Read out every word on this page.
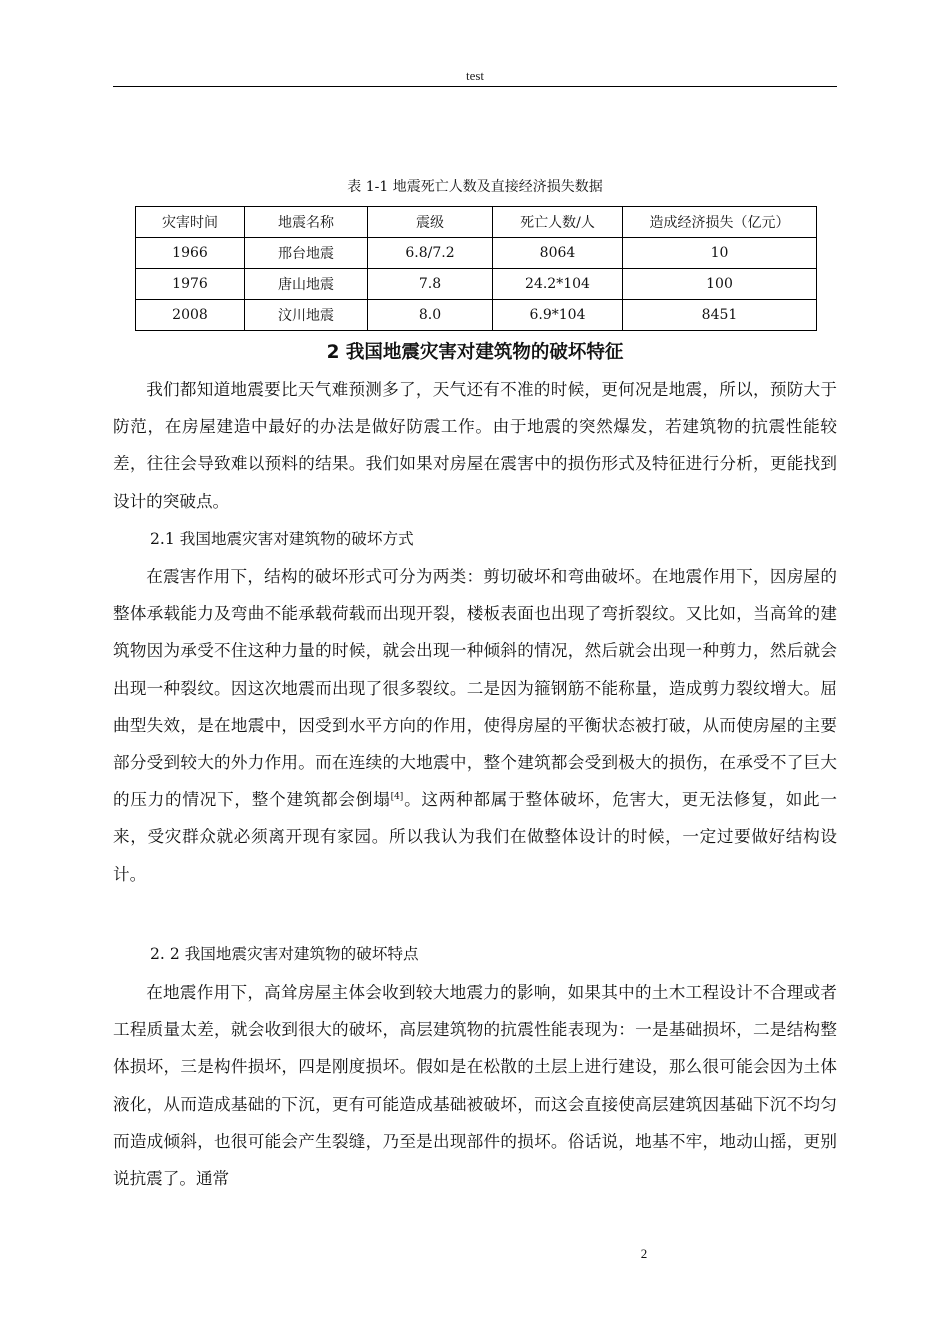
test
表 1-1 地震死亡人数及直接经济损失数据
灾害时间	地震名称	震级	死亡人数/人	造成经济损失（亿元）
1966	邢台地震	6.8/7.2	8064	10
1976	唐山地震	7.8	24.2*104	100
2008	汶川地震	8.0	6.9*104	8451
2 我国地震灾害对建筑物的破坏特征

我们都知道地震要比天气难预测多了，天气还有不准的时候，更何况是地震，所以，预防大于防范，在房屋建造中最好的办法是做好防震工作。由于地震的突然爆发，若建筑物的抗震性能较差，往往会导致难以预料的结果。我们如果对房屋在震害中的损伤形式及特征进行分析，更能找到设计的突破点。

2.1 我国地震灾害对建筑物的破坏方式

在震害作用下，结构的破坏形式可分为两类：剪切破坏和弯曲破坏。在地震作用下，因房屋的整体承载能力及弯曲不能承载荷载而出现开裂，楼板表面也出现了弯折裂纹。又比如，当高耸的建筑物因为承受不住这种力量的时候，就会出现一种倾斜的情况，然后就会出现一种剪力，然后就会出现一种裂纹。因这次地震而出现了很多裂纹。二是因为箍钢筋不能称量，造成剪力裂纹增大。屈曲型失效，是在地震中，因受到水平方向的作用，使得房屋的平衡状态被打破，从而使房屋的主要部分受到较大的外力作用。而在连续的大地震中，整个建筑都会受到极大的损伤，在承受不了巨大的压力的情况下，整个建筑都会倒塌[4]。这两种都属于整体破坏，危害大，更无法修复，如此一来，受灾群众就必须离开现有家园。所以我认为我们在做整体设计的时候，一定过要做好结构设计。

2. 2 我国地震灾害对建筑物的破坏特点

在地震作用下，高耸房屋主体会收到较大地震力的影响，如果其中的土木工程设计不合理或者工程质量太差，就会收到很大的破坏，高层建筑物的抗震性能表现为：一是基础损坏，二是结构整体损坏，三是构件损坏，四是刚度损坏。假如是在松散的土层上进行建设，那么很可能会因为土体液化，从而造成基础的下沉，更有可能造成基础被破坏，而这会直接使高层建筑因基础下沉不均匀而造成倾斜，也很可能会产生裂缝，乃至是出现部件的损坏。俗话说，地基不牢，地动山摇，更别说抗震了。通常

2
